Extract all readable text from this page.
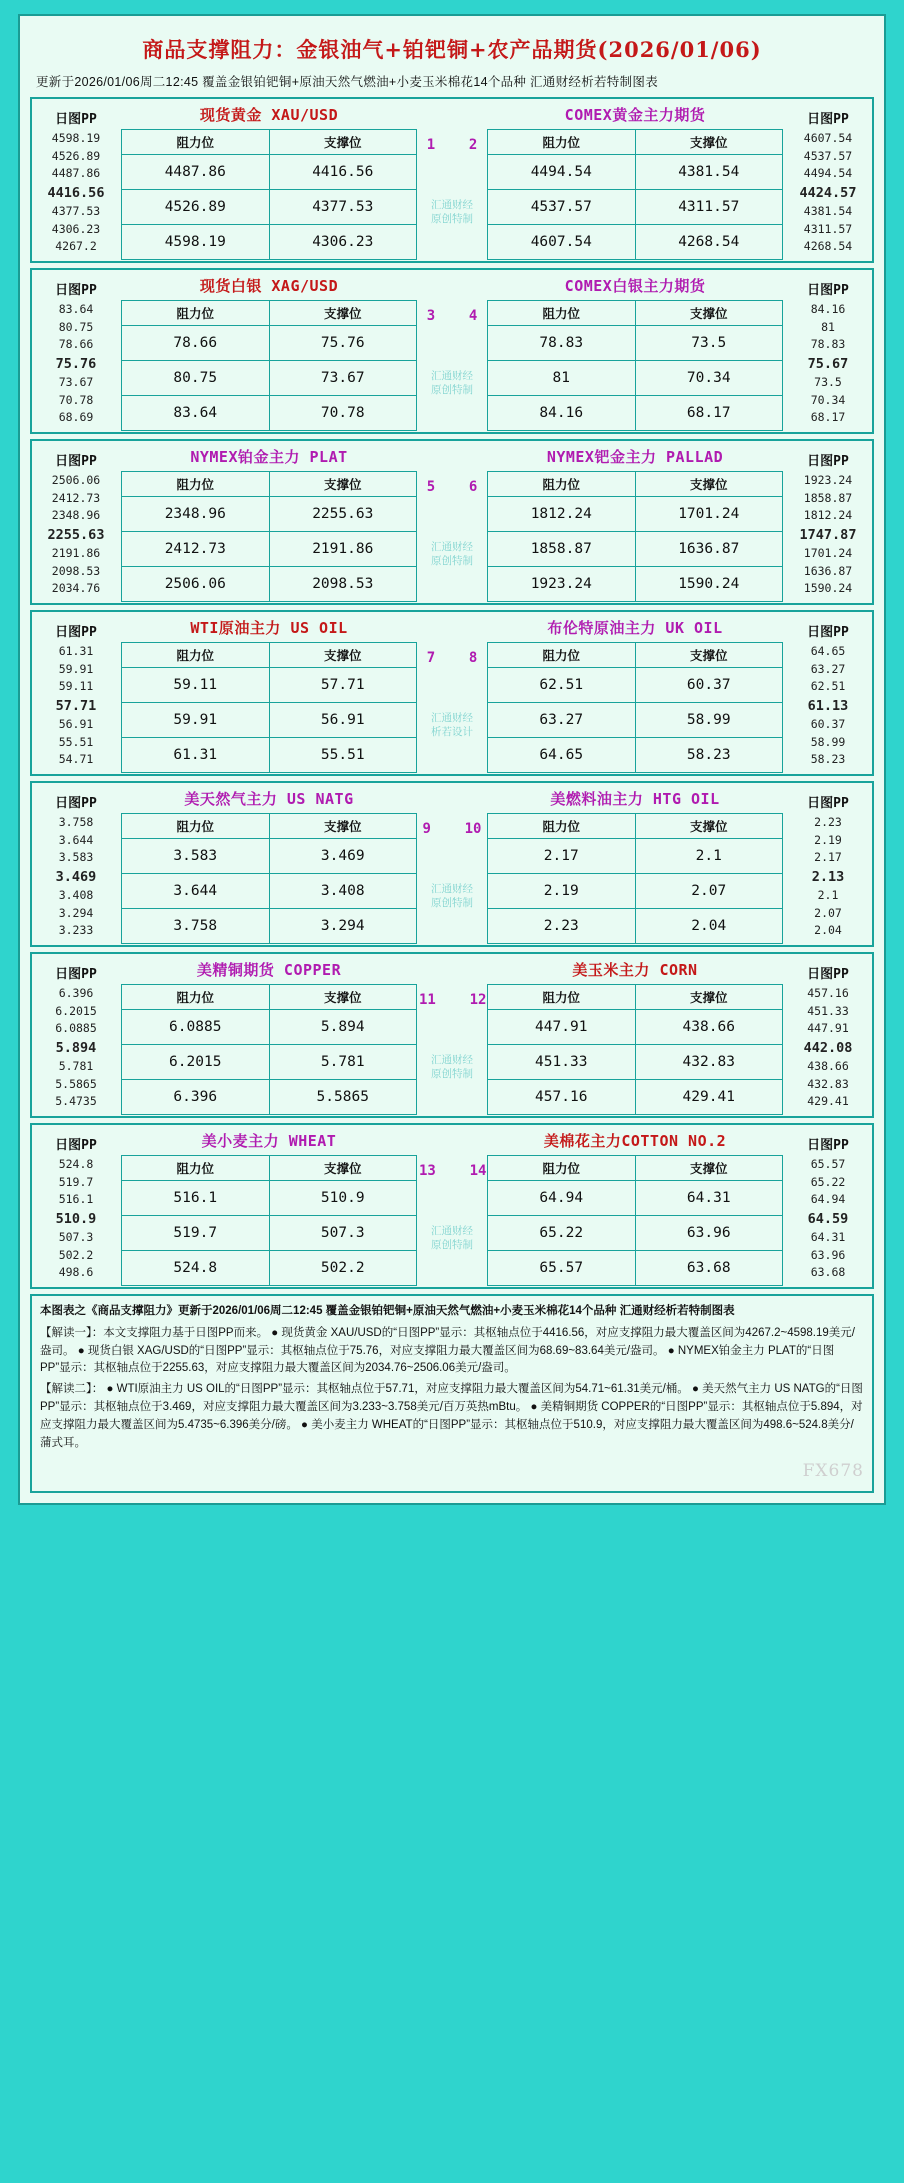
商品支撑阻力：金银油气+铂钯铜+农产品期货(2026/01/06)
更新于2026/01/06周二12:45 覆盖金银铂钯铜+原油天然气燃油+小麦玉米棉花14个品种 汇通财经析若特制图表
日图PP
4598.19
4526.89
4487.86
4416.56
4377.53
4306.23
4267.2

现货黄金 XAU/USD
阻力位	支撑位
4487.86	4416.56
4526.89	4377.53
4598.19	4306.23

1    2
汇通财经
原创特制

COMEX黄金主力期货
阻力位	支撑位
4494.54	4381.54
4537.57	4311.57
4607.54	4268.54

日图PP
4607.54
4537.57
4494.54
4424.57
4381.54
4311.57
4268.54
日图PP
83.64
80.75
78.66
75.76
73.67
70.78
68.69

现货白银 XAG/USD
阻力位	支撑位
78.66	75.76
80.75	73.67
83.64	70.78

3    4
汇通财经
原创特制

COMEX白银主力期货
阻力位	支撑位
78.83	73.5
81	70.34
84.16	68.17

日图PP
84.16
81
78.83
75.67
73.5
70.34
68.17
日图PP
2506.06
2412.73
2348.96
2255.63
2191.86
2098.53
2034.76

NYMEX铂金主力 PLAT
阻力位	支撑位
2348.96	2255.63
2412.73	2191.86
2506.06	2098.53

5    6
汇通财经
原创特制

NYMEX钯金主力 PALLAD
阻力位	支撑位
1812.24	1701.24
1858.87	1636.87
1923.24	1590.24

日图PP
1923.24
1858.87
1812.24
1747.87
1701.24
1636.87
1590.24
日图PP
61.31
59.91
59.11
57.71
56.91
55.51
54.71

WTI原油主力 US OIL
阻力位	支撑位
59.11	57.71
59.91	56.91
61.31	55.51

7    8
汇通财经
析若设计

布伦特原油主力 UK OIL
阻力位	支撑位
62.51	60.37
63.27	58.99
64.65	58.23

日图PP
64.65
63.27
62.51
61.13
60.37
58.99
58.23
日图PP
3.758
3.644
3.583
3.469
3.408
3.294
3.233

美天然气主力 US NATG
阻力位	支撑位
3.583	3.469
3.644	3.408
3.758	3.294

9    10
汇通财经
原创特制

美燃料油主力 HTG OIL
阻力位	支撑位
2.17	2.1
2.19	2.07
2.23	2.04

日图PP
2.23
2.19
2.17
2.13
2.1
2.07
2.04
日图PP
6.396
6.2015
6.0885
5.894
5.781
5.5865
5.4735

美精铜期货 COPPER
阻力位	支撑位
6.0885	5.894
6.2015	5.781
6.396	5.5865

11    12
汇通财经
原创特制

美玉米主力 CORN
阻力位	支撑位
447.91	438.66
451.33	432.83
457.16	429.41

日图PP
457.16
451.33
447.91
442.08
438.66
432.83
429.41
日图PP
524.8
519.7
516.1
510.9
507.3
502.2
498.6

美小麦主力 WHEAT
阻力位	支撑位
516.1	510.9
519.7	507.3
524.8	502.2

13    14
汇通财经
原创特制

美棉花主力COTTON NO.2
阻力位	支撑位
64.94	64.31
65.22	63.96
65.57	63.68

日图PP
65.57
65.22
64.94
64.59
64.31
63.96
63.68

本图表之《商品支撑阻力》更新于2026/01/06周二12:45 覆盖金银铂钯铜+原油天然气燃油+小麦玉米棉花14个品种 汇通财经析若特制图表

【解读一】：本文支撑阻力基于日图PP而来。 ● 现货黄金 XAU/USD的“日图PP”显示：其枢轴点位于4416.56，对应支撑阻力最大覆盖区间为4267.2~4598.19美元/盎司。 ● 现货白银 XAG/USD的“日图PP”显示：其枢轴点位于75.76，对应支撑阻力最大覆盖区间为68.69~83.64美元/盎司。 ● NYMEX铂金主力 PLAT的“日图PP”显示：其枢轴点位于2255.63，对应支撑阻力最大覆盖区间为2034.76~2506.06美元/盎司。

【解读二】： ● WTI原油主力 US OIL的“日图PP”显示：其枢轴点位于57.71，对应支撑阻力最大覆盖区间为54.71~61.31美元/桶。 ● 美天然气主力 US NATG的“日图PP”显示：其枢轴点位于3.469，对应支撑阻力最大覆盖区间为3.233~3.758美元/百万英热mBtu。 ● 美精铜期货 COPPER的“日图PP”显示：其枢轴点位于5.894，对应支撑阻力最大覆盖区间为5.4735~6.396美分/磅。 ● 美小麦主力 WHEAT的“日图PP”显示：其枢轴点位于510.9，对应支撑阻力最大覆盖区间为498.6~524.8美分/蒲式耳。

FX678
